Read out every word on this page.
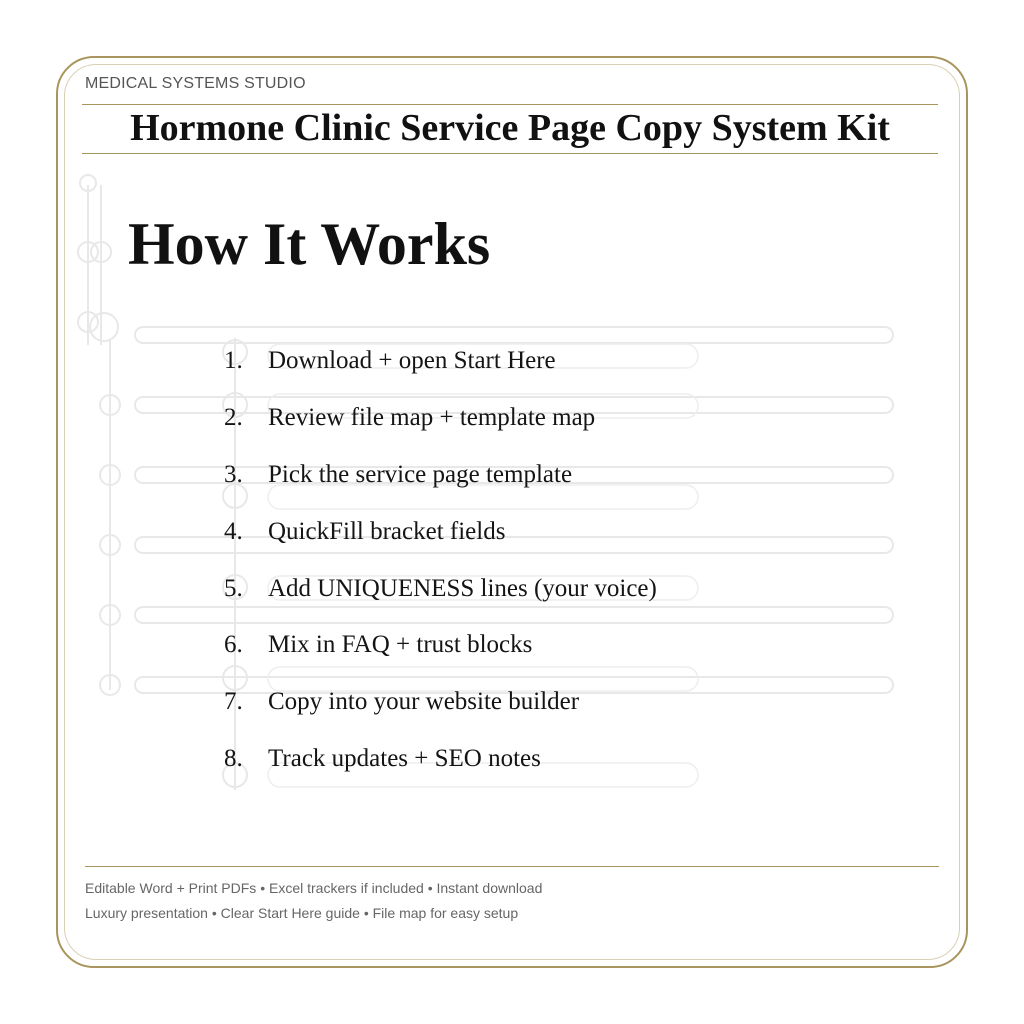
MEDICAL SYSTEMS STUDIO
Hormone Clinic Service Page Copy System Kit
How It Works
1.	Download + open Start Here
2.	Review file map + template map
3.	Pick the service page template
4.	QuickFill bracket fields
5.	Add UNIQUENESS lines (your voice)
6.	Mix in FAQ + trust blocks
7.	Copy into your website builder
8.	Track updates + SEO notes
Editable Word + Print PDFs • Excel trackers if included • Instant download
Luxury presentation • Clear Start Here guide • File map for easy setup
